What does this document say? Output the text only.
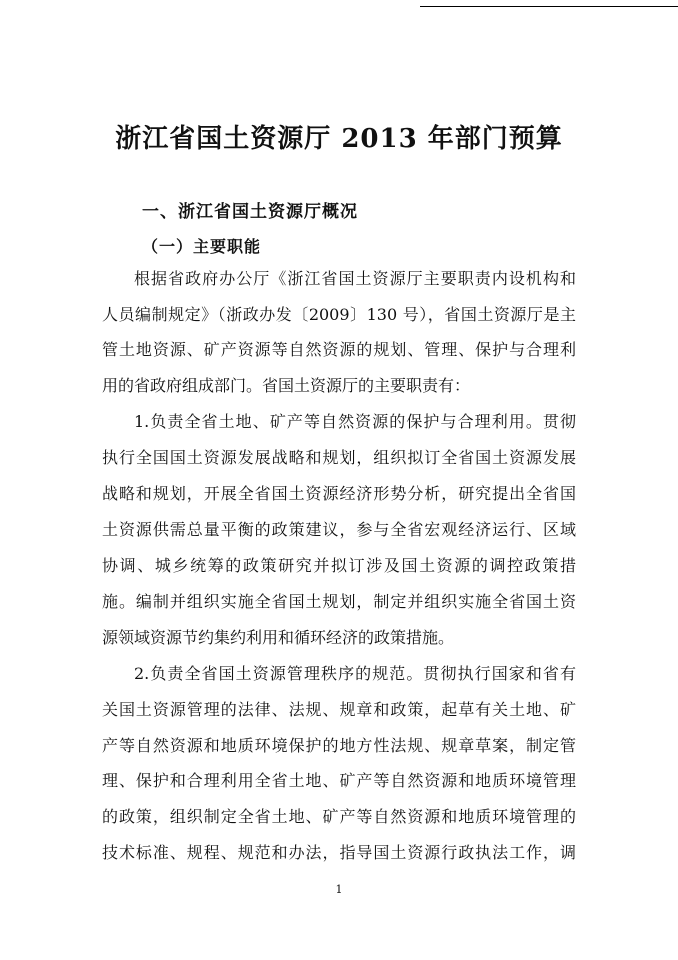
浙江省国土资源厅 2013 年部门预算
一、浙江省国土资源厅概况
（一）主要职能
根据省政府办公厅《浙江省国土资源厅主要职责内设机构和
人员编制规定》（浙政办发〔2009〕130 号），省国土资源厅是主
管土地资源、矿产资源等自然资源的规划、管理、保护与合理利
用的省政府组成部门。省国土资源厅的主要职责有：
1.负责全省土地、矿产等自然资源的保护与合理利用。贯彻
执行全国国土资源发展战略和规划，组织拟订全省国土资源发展
战略和规划，开展全省国土资源经济形势分析，研究提出全省国
土资源供需总量平衡的政策建议，参与全省宏观经济运行、区域
协调、城乡统筹的政策研究并拟订涉及国土资源的调控政策措
施。编制并组织实施全省国土规划，制定并组织实施全省国土资
源领域资源节约集约利用和循环经济的政策措施。
2.负责全省国土资源管理秩序的规范。贯彻执行国家和省有
关国土资源管理的法律、法规、规章和政策，起草有关土地、矿
产等自然资源和地质环境保护的地方性法规、规章草案，制定管
理、保护和合理利用全省土地、矿产等自然资源和地质环境管理
的政策，组织制定全省土地、矿产等自然资源和地质环境管理的
技术标准、规程、规范和办法，指导国土资源行政执法工作，调
1
